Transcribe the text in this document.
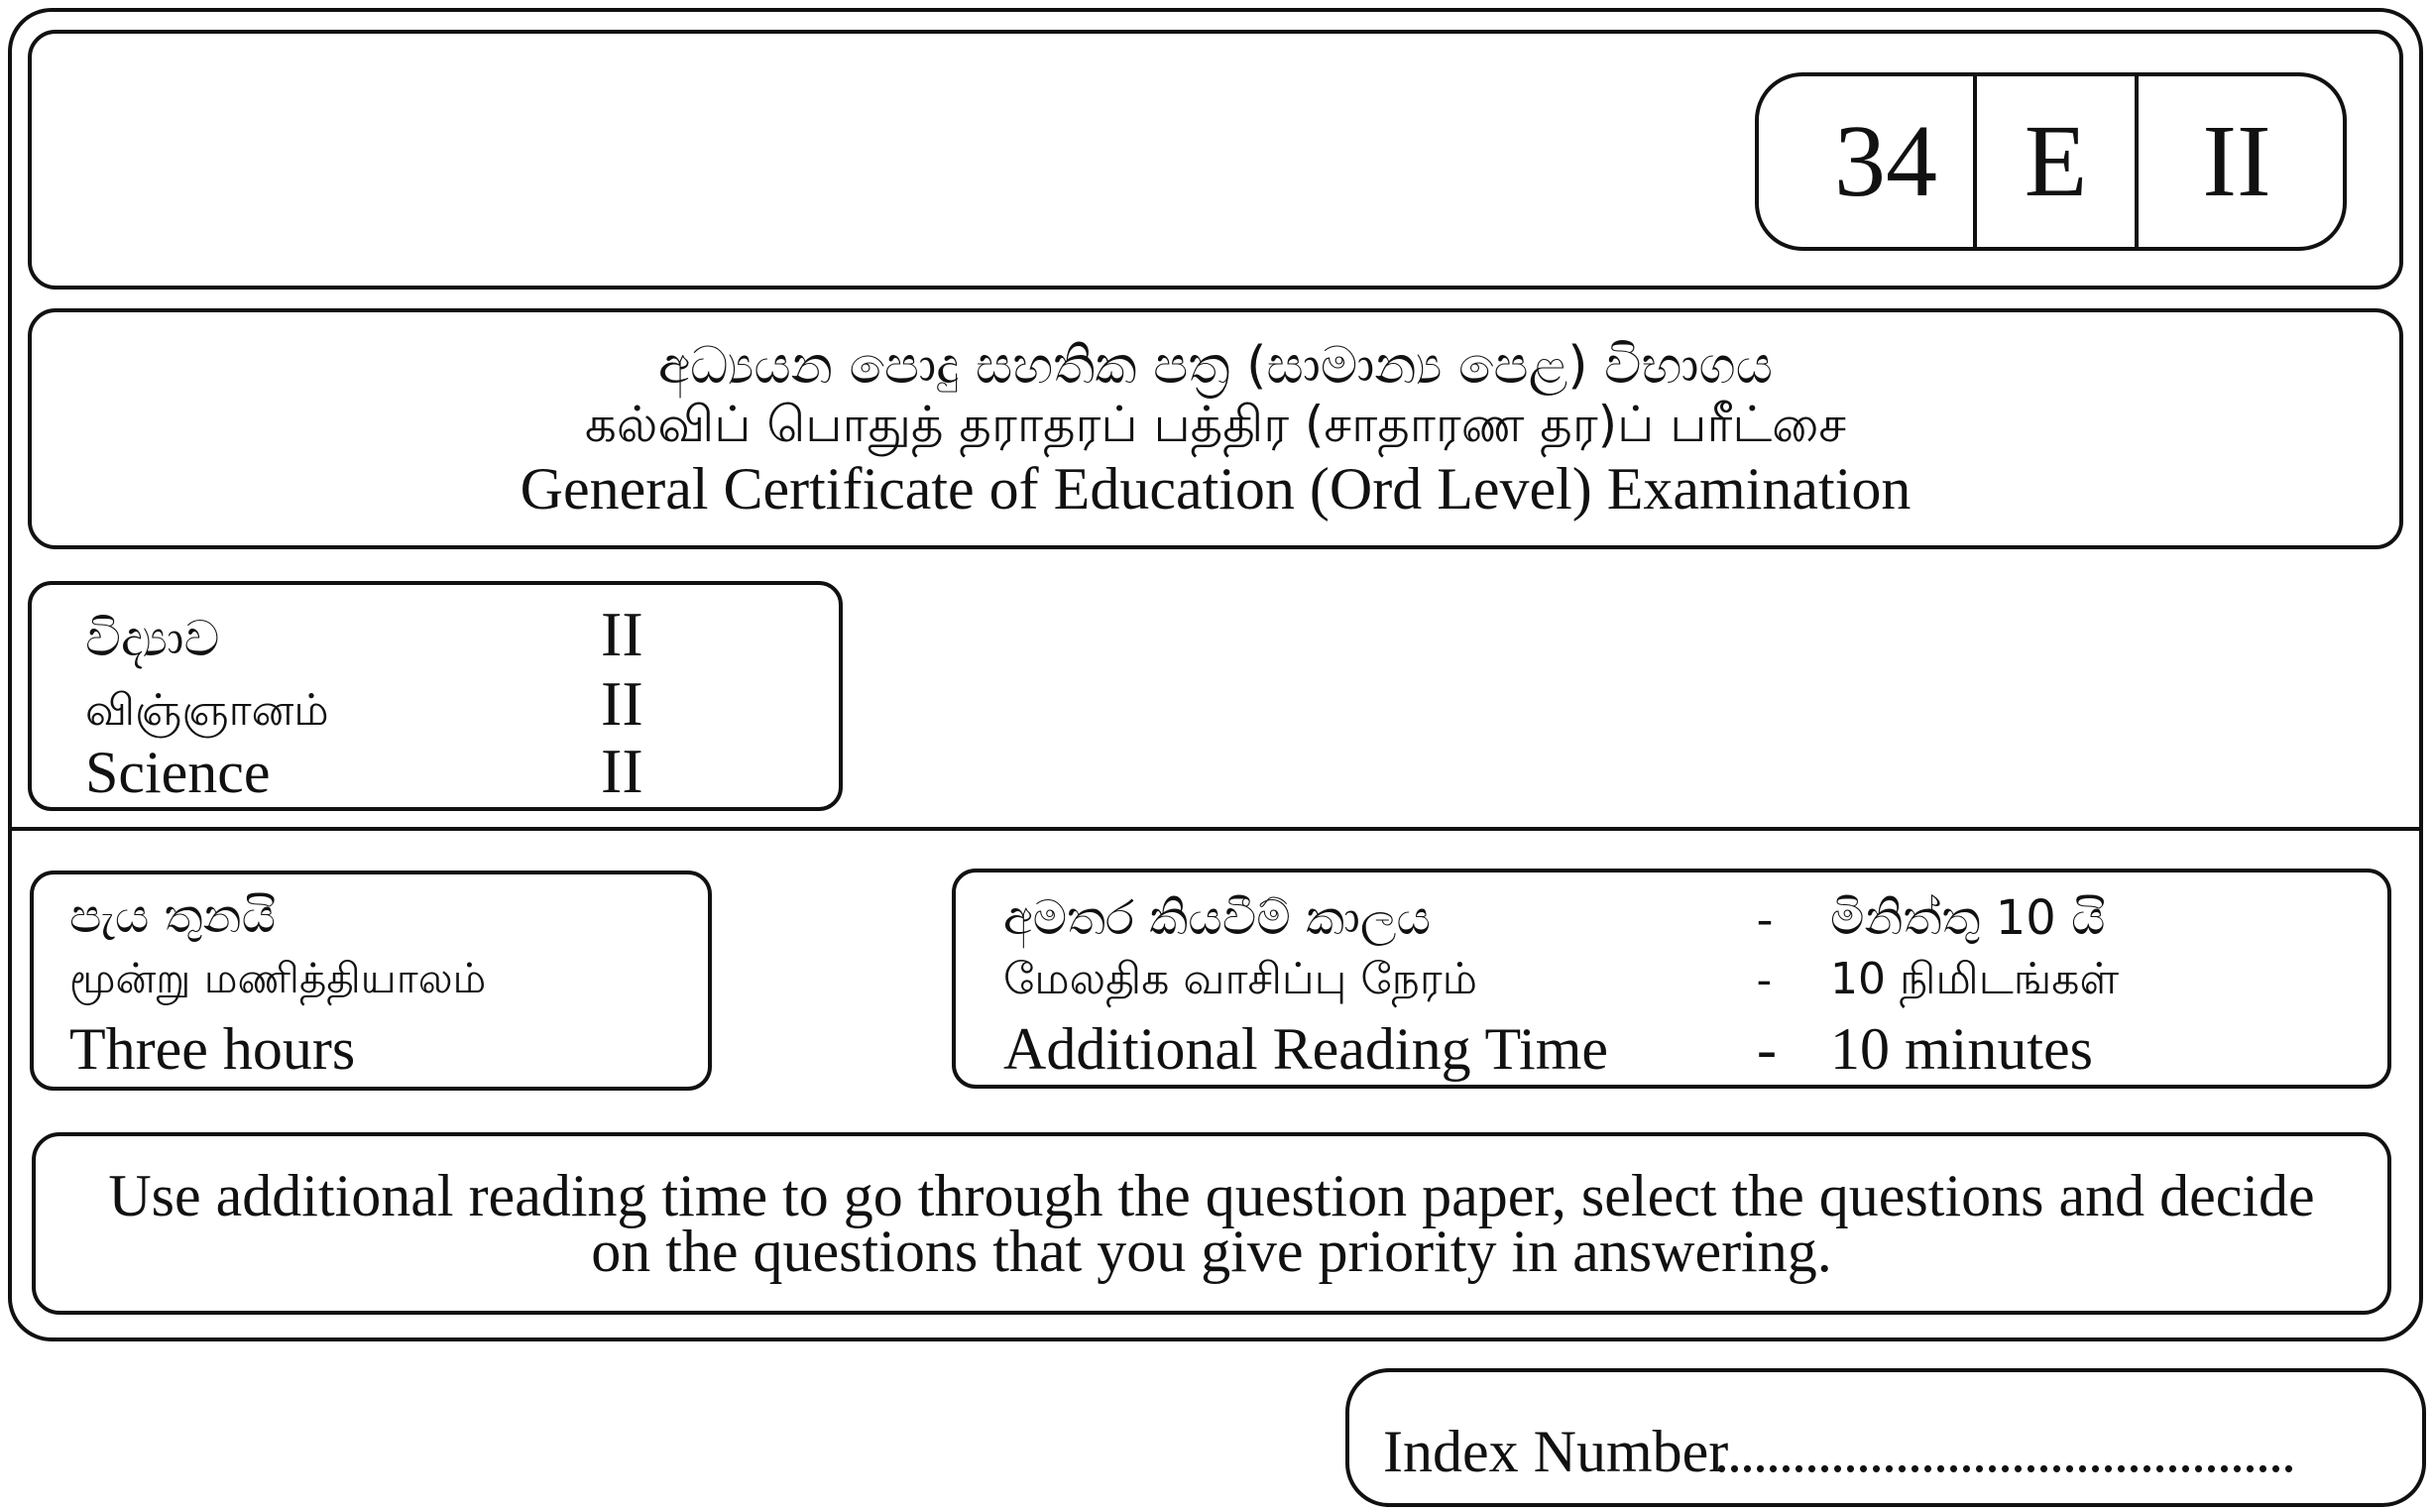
34 E	II
අධ්‍යයන පොදු සහතික පත්‍ර (සාමාන්‍ය පෙළ) විභාගය
கல்விப் பொதுத் தராதரப் பத்திர (சாதாரண தர)ப் பரீட்சை
General Certificate of Education (Ord Level) Examination
විද්‍යාව	II
விஞ்ஞானம்	II
Science	II
පැය තුනයි
மூன்று மணித்தியாலம்
Three hours
අමතර කියවීම් කාලය	- මිනිත්තු 10 යි
மேலதிக வாசிப்பு நேரம்	- 10 நிமிடங்கள்
Additional Reading Time - 10 minutes
Use additional reading time to go through the question paper, select the questions and decide
on the questions that you give priority in answering.
Index Number
.............................................
